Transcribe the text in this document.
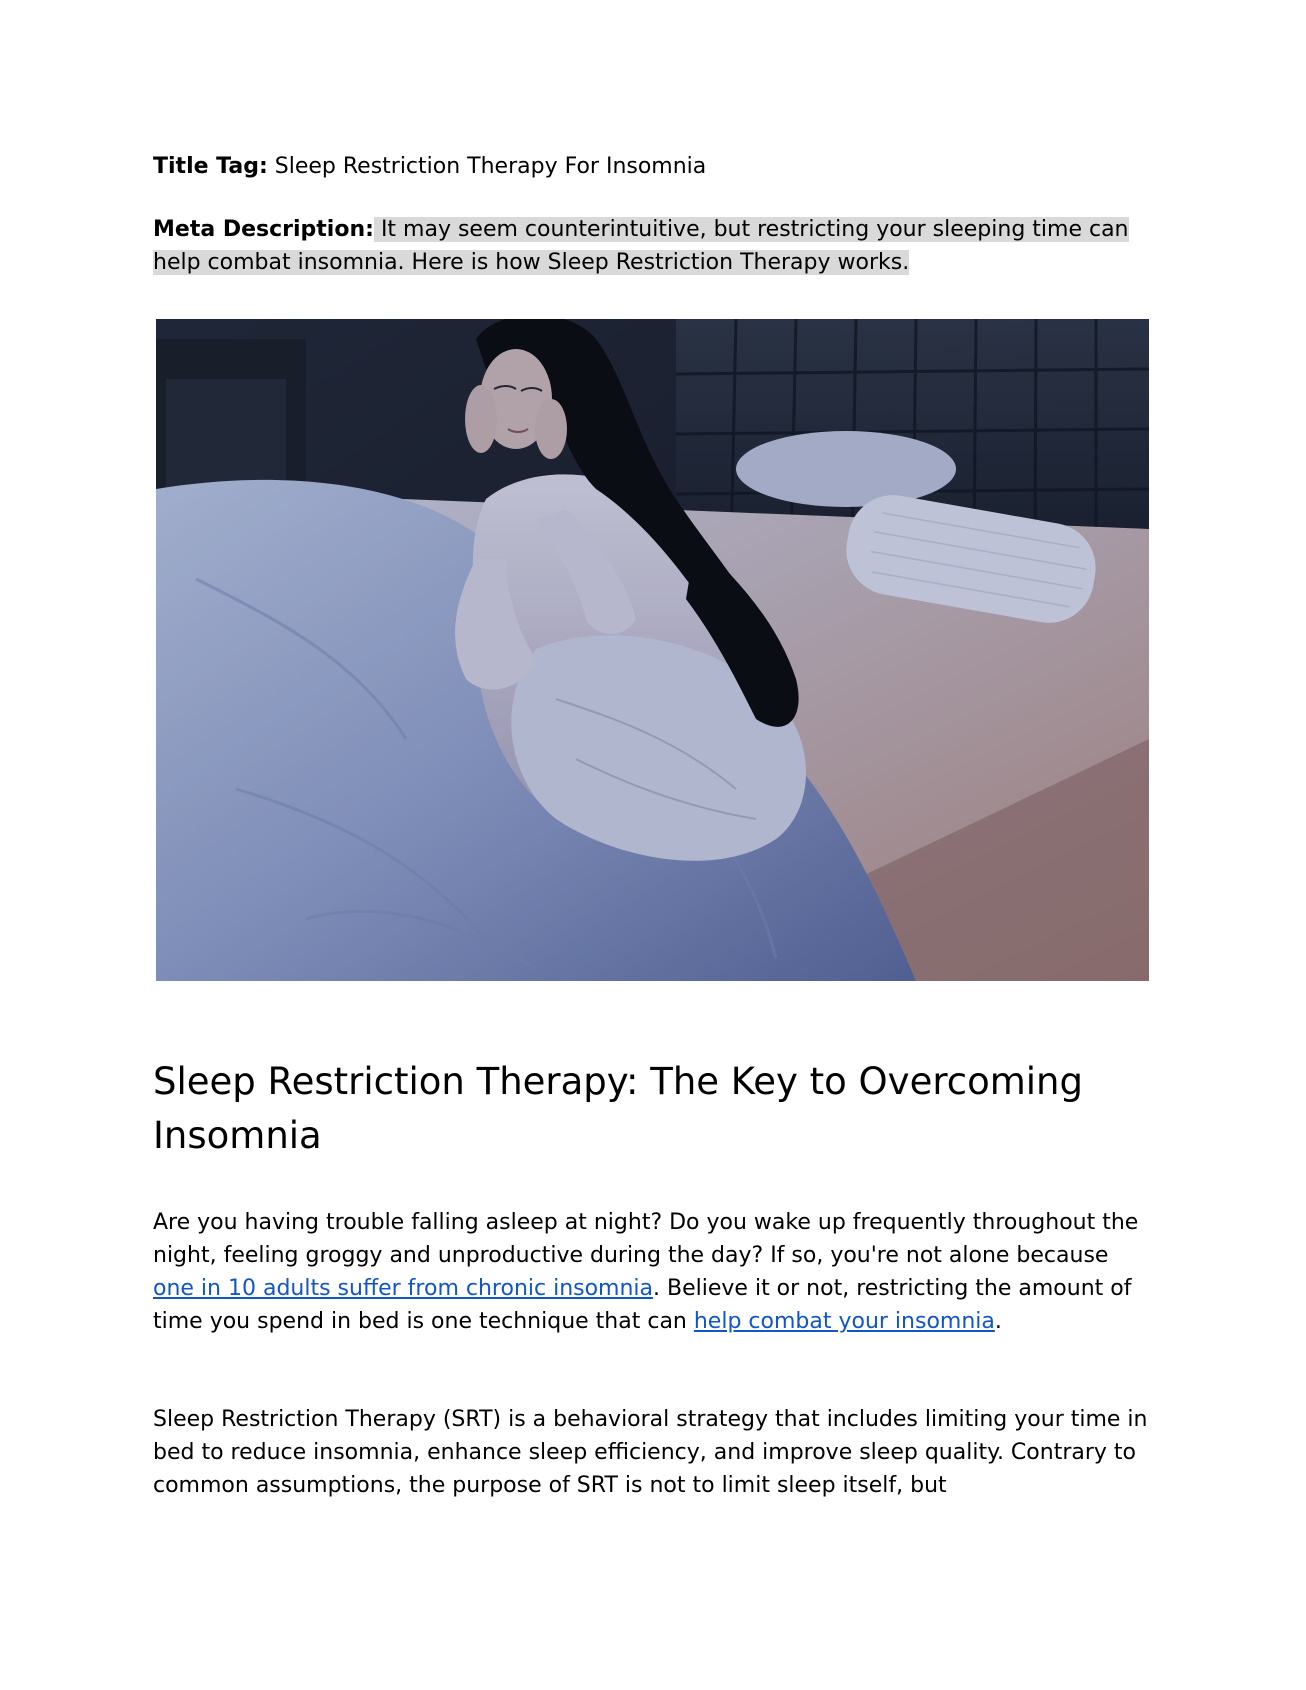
Title Tag: Sleep Restriction Therapy For Insomnia

Meta Description: It may seem counterintuitive, but restricting your sleeping time can help combat insomnia. Here is how Sleep Restriction Therapy works.

Sleep Restriction Therapy: The Key to Overcoming Insomnia

Are you having trouble falling asleep at night? Do you wake up frequently throughout the night, feeling groggy and unproductive during the day? If so, you're not alone because one in 10 adults suffer from chronic insomnia. Believe it or not, restricting the amount of time you spend in bed is one technique that can help combat your insomnia.

Sleep Restriction Therapy (SRT) is a behavioral strategy that includes limiting your time in bed to reduce insomnia, enhance sleep efficiency, and improve sleep quality. Contrary to common assumptions, the purpose of SRT is not to limit sleep itself, but
